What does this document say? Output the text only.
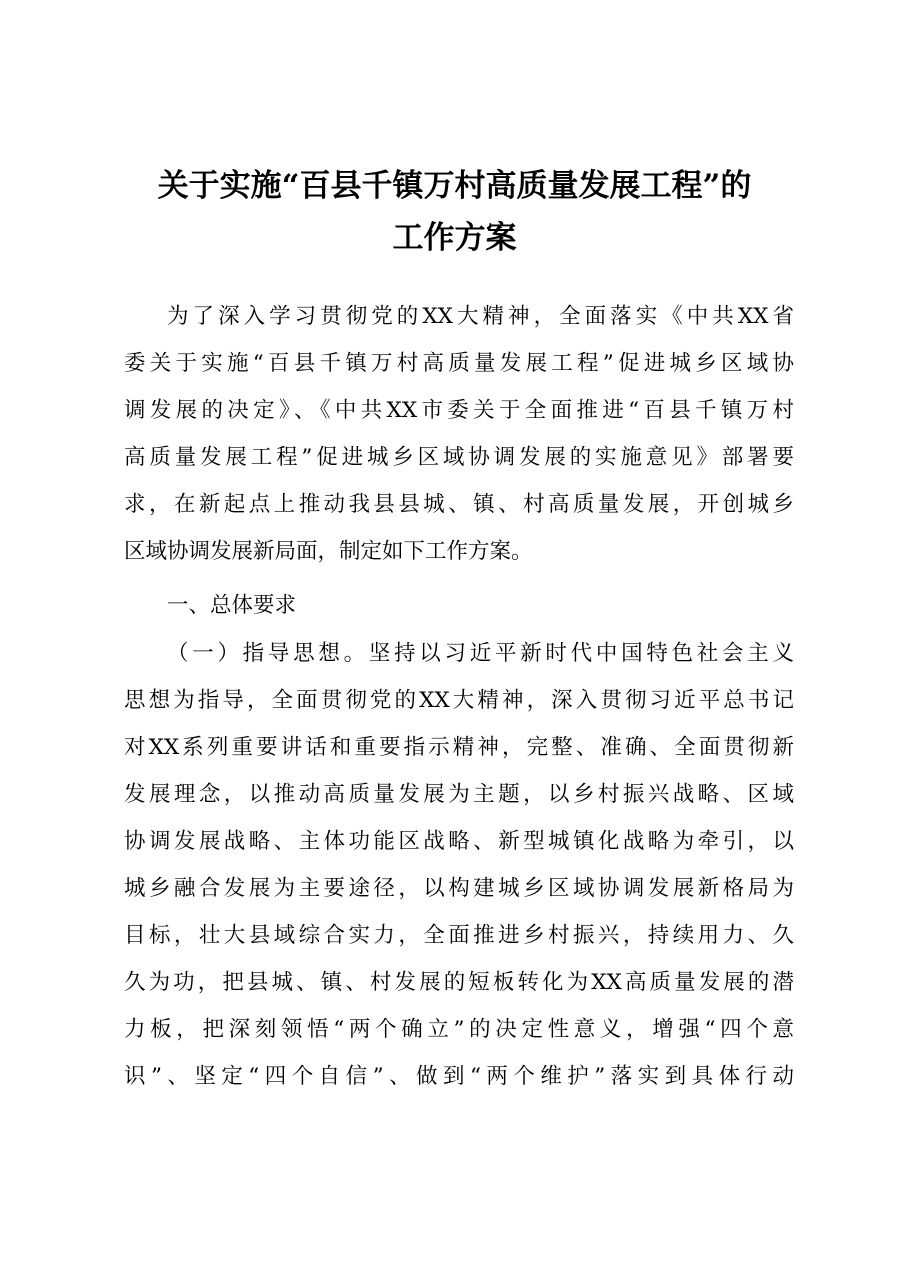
关于实施“百县千镇万村高质量发展工程”的
工作方案
为了深入学习贯彻党的XX大精神，全面落实《中共XX省
委关于实施“百县千镇万村高质量发展工程”促进城乡区域协
调发展的决定》、《中共XX市委关于全面推进“百县千镇万村
高质量发展工程”促进城乡区域协调发展的实施意见》部署要
求，在新起点上推动我县县城、镇、村高质量发展，开创城乡
区域协调发展新局面，制定如下工作方案。
一、总体要求
（一）指导思想。坚持以习近平新时代中国特色社会主义
思想为指导，全面贯彻党的XX大精神，深入贯彻习近平总书记
对XX系列重要讲话和重要指示精神，完整、准确、全面贯彻新
发展理念，以推动高质量发展为主题，以乡村振兴战略、区域
协调发展战略、主体功能区战略、新型城镇化战略为牵引，以
城乡融合发展为主要途径，以构建城乡区域协调发展新格局为
目标，壮大县域综合实力，全面推进乡村振兴，持续用力、久
久为功，把县城、镇、村发展的短板转化为XX高质量发展的潜
力板，把深刻领悟“两个确立”的决定性意义，增强“四个意
识”、坚定“四个自信”、做到“两个维护”落实到具体行动
